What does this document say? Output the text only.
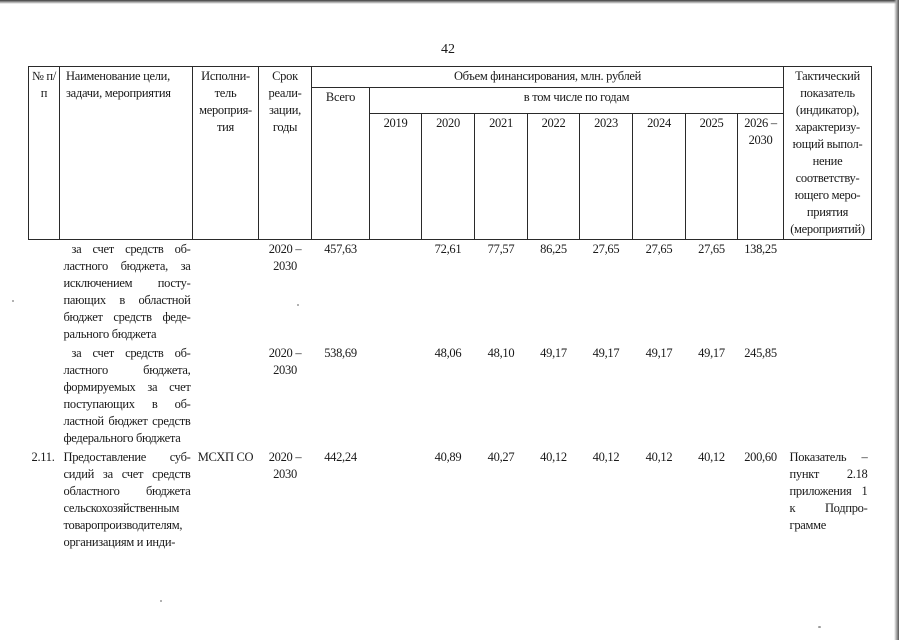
42
№ п/п	Наименование цели, задачи, мероприятия	Исполни-тель мероприя-тия	Срок реали-зации, годы	Объем финансирования, млн. рублей									Тактический показатель (индикатор), характеризу-ющий выпол-нение соответству-ющего меро-приятия (мероприятий)
				Всего	в том числе по годам								
					2019	2020	2021	2022	2023	2024	2025	2026 – 2030	
	за счет средств об-ластного бюджета, за исключением посту-пающих в областной бюджет средств феде-рального бюджета		2020 – 2030	457,63		72,61	77,57	86,25	27,65	27,65	27,65	138,25	
	за счет средств об-ластного бюджета, формируемых за счет поступающих в об-ластной бюджет средств федерального бюджета		2020 – 2030	538,69		48,06	48,10	49,17	49,17	49,17	49,17	245,85	
2.11.	Предоставление суб-сидий за счет средств областного бюджета сельскохозяйственным товаропроизводителям, организациям и инди-	МСХП СО	2020 – 2030	442,24		40,89	40,27	40,12	40,12	40,12	40,12	200,60	Показатель – пункт 2.18 приложения 1 к Подпро-грамме
